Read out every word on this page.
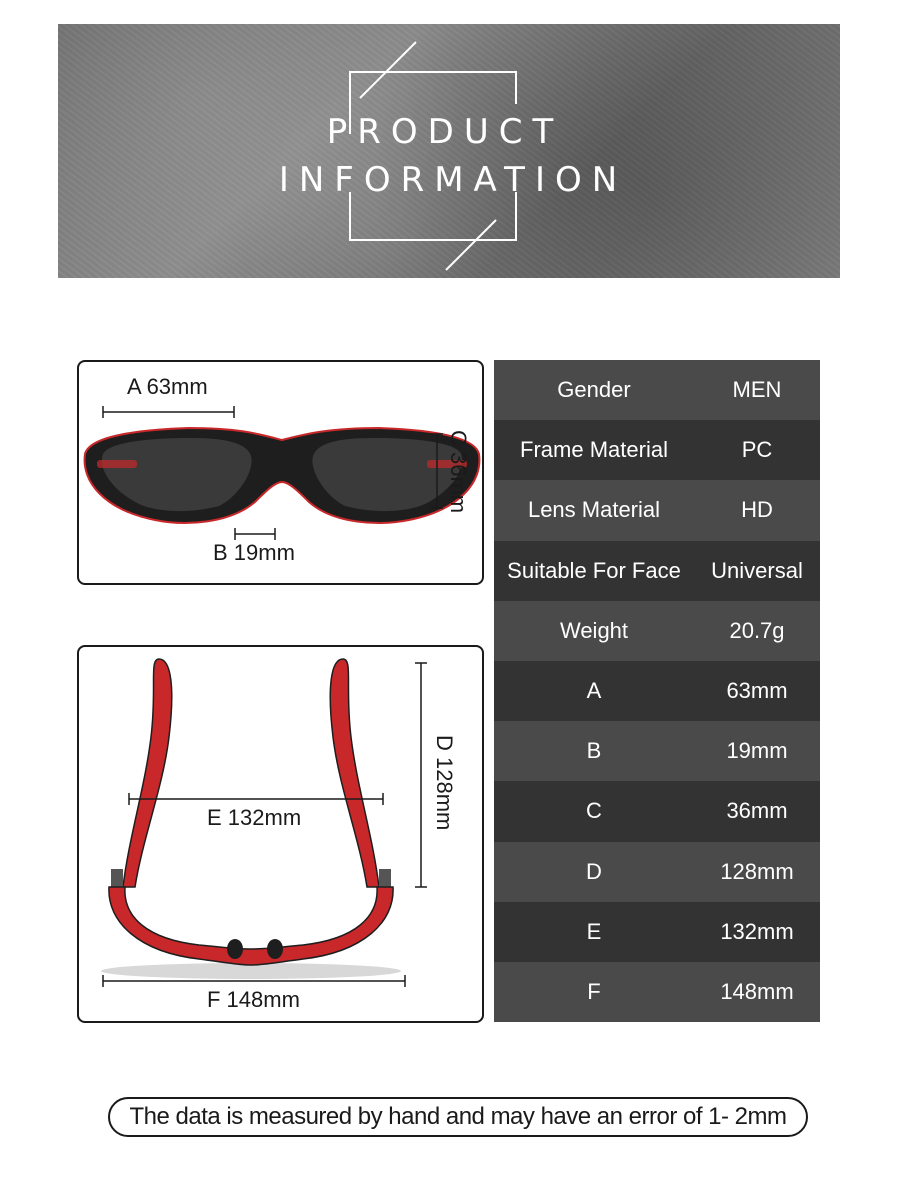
PRODUCT
INFORMATION
A 63mm
B 19mm
C 36mm
E 132mm
F 148mm
D 128mm
Gender	MEN
Frame Material	PC
Lens Material	HD
Suitable For Face	Universal
Weight	20.7g
A	63mm
B	19mm
C	36mm
D	128mm
E	132mm
F	148mm
The data is measured by hand and may have an error of 1- 2mm
